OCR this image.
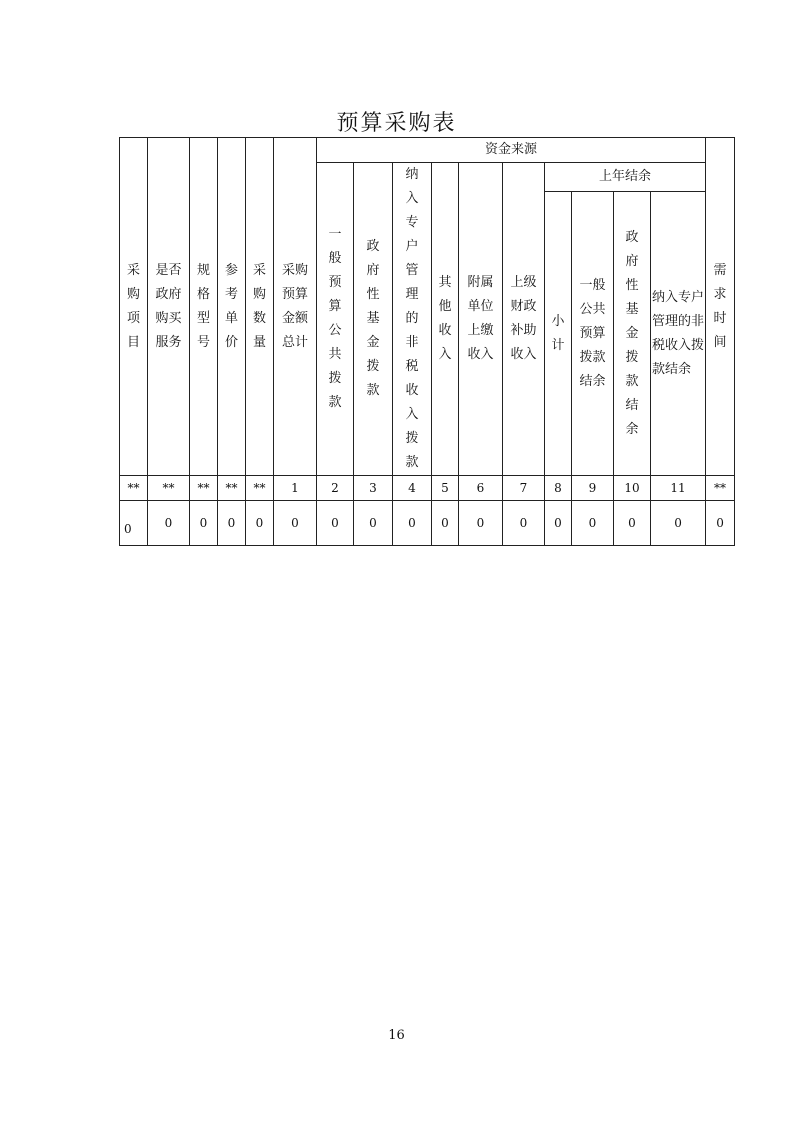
预算采购表
采购项目	是否政府购买服务	规格型号	参考单价	采购数量	采购预算金额总计	资金来源										需求时间
						一般预算公共拨款	政府性基金拨款	纳入专户管理的非税收入拨款	其他收入	附属单位上缴收入	上级财政补助收入	上年结余				
												小计	一般公共预算拨款结余	政府性基金拨款结余	纳入专户管理的非税收入拨款结余	
**	**	**	**	**	1	2	3	4	5	6	7	8	9	10	11	**
0	0	0	0	0	0	0	0	0	0	0	0	0	0	0	0	0
16
